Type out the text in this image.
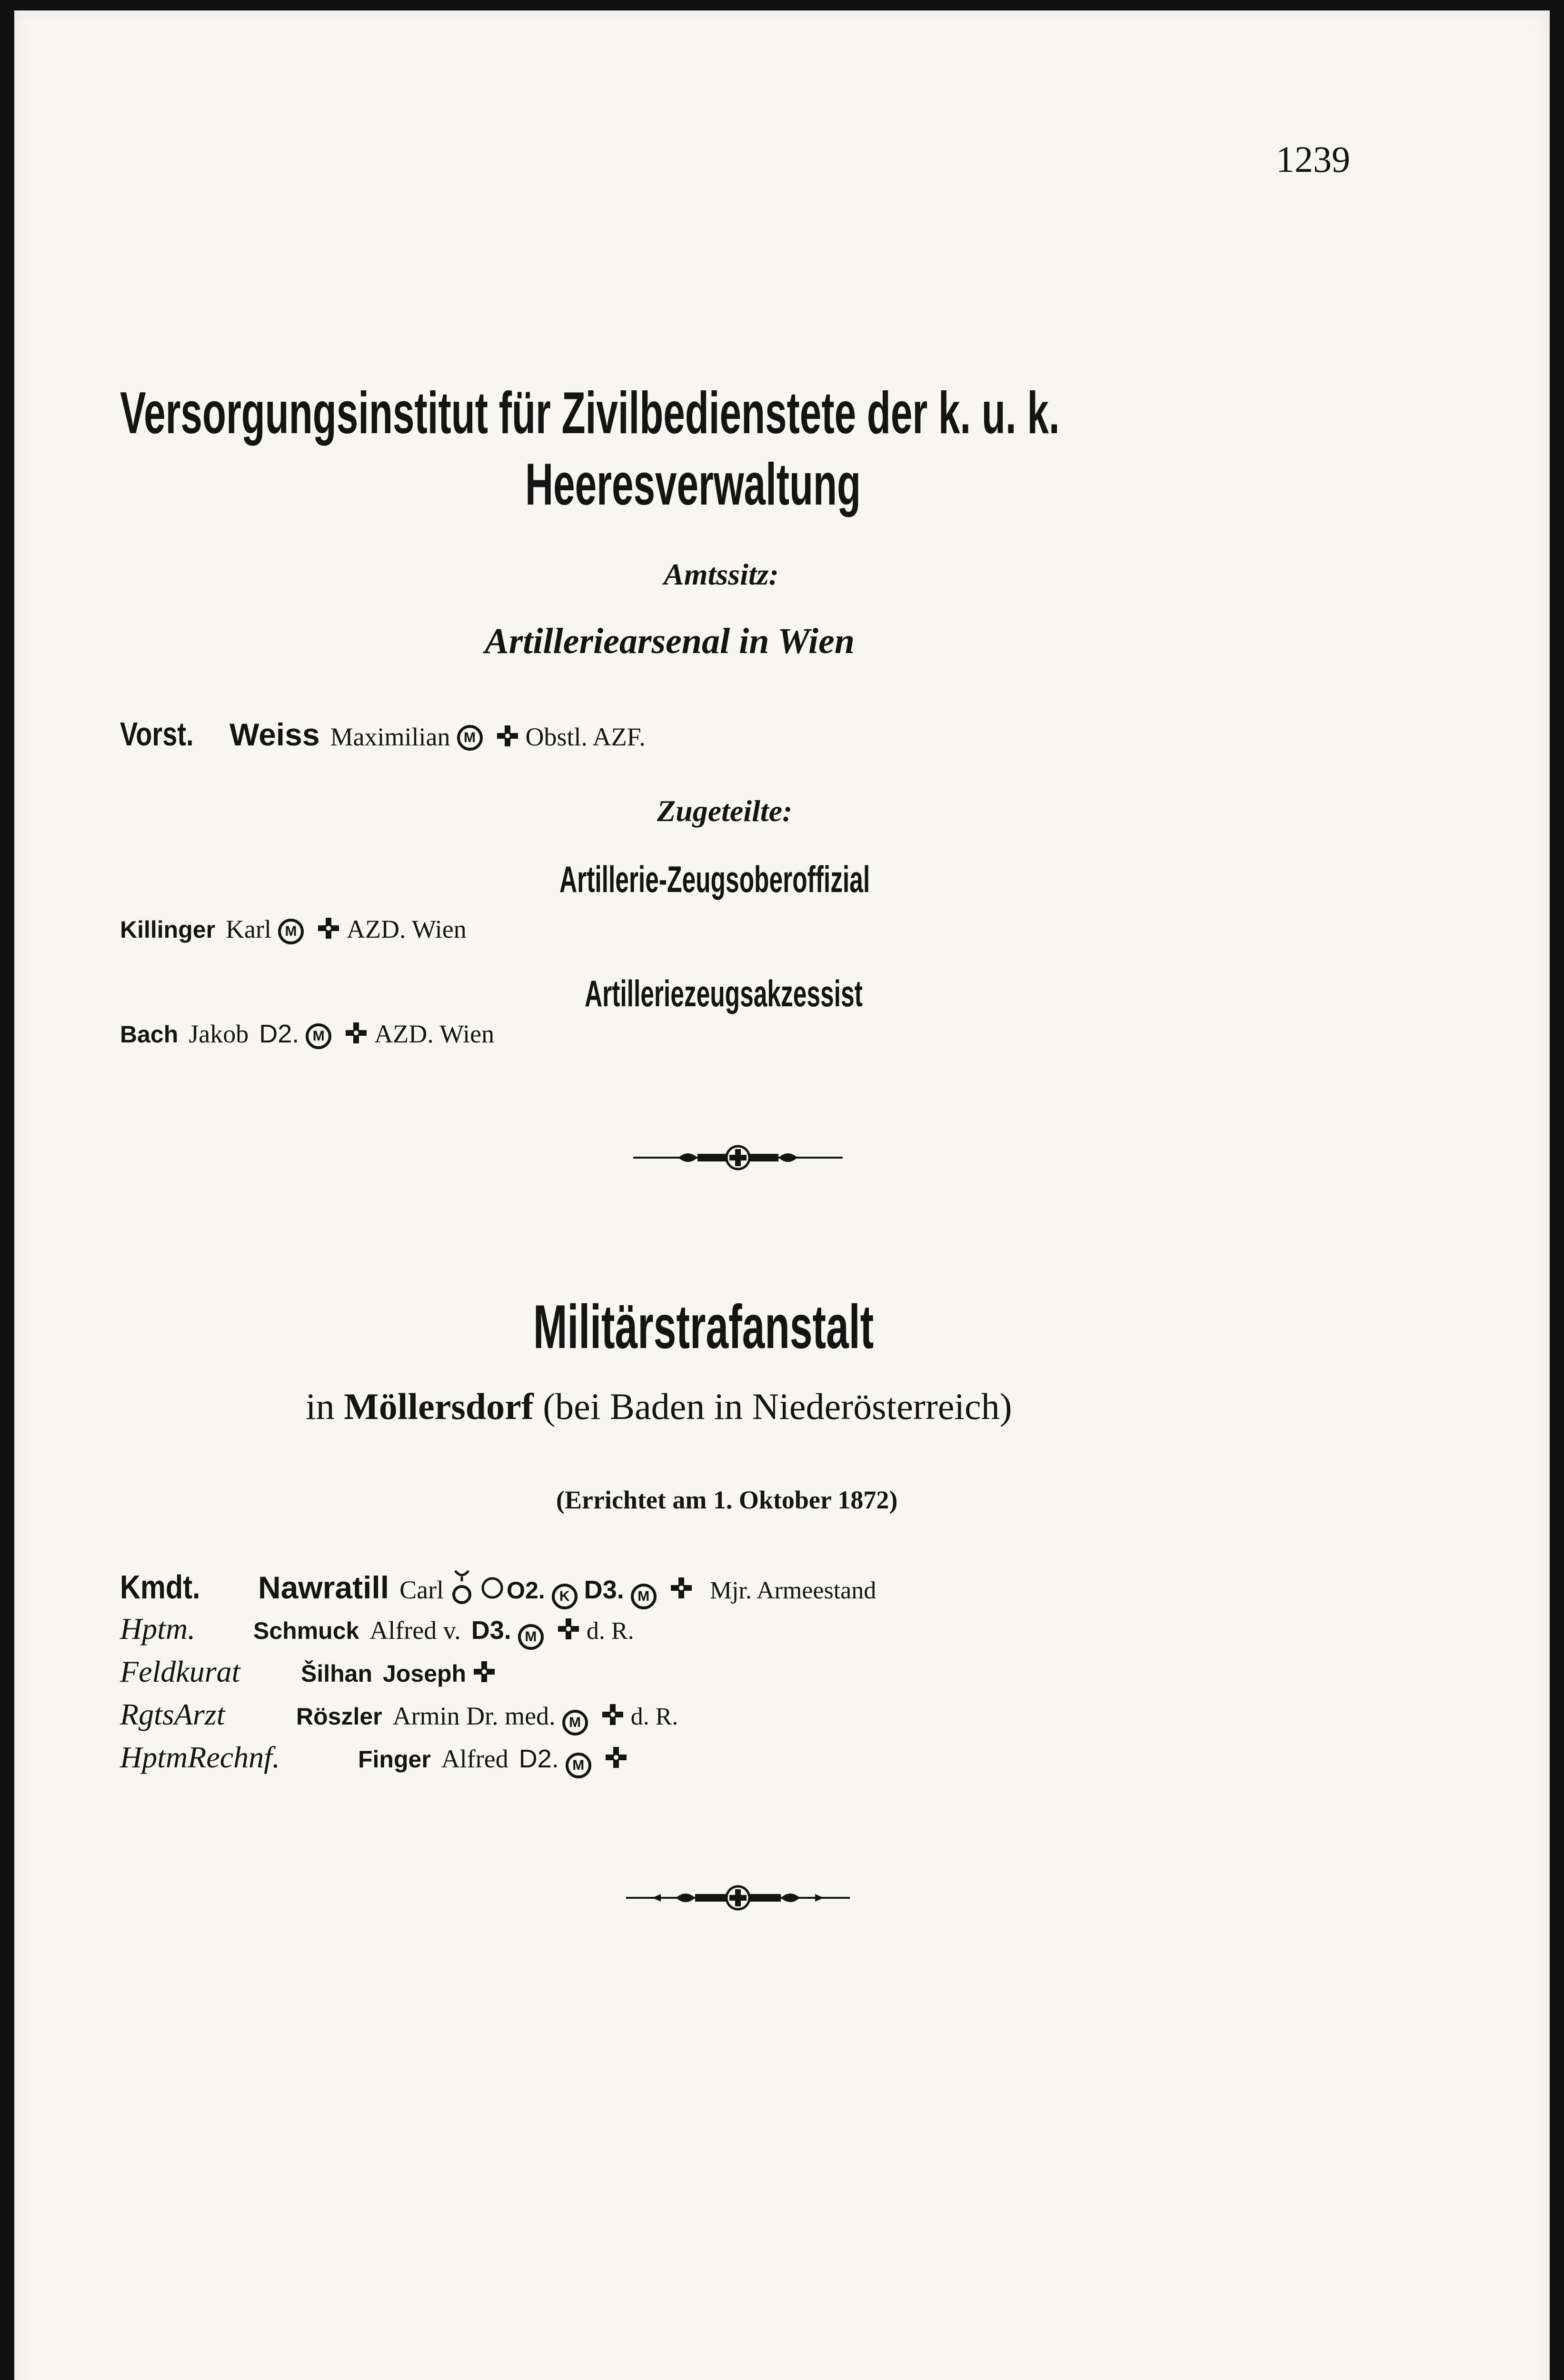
1239
Versorgungsinstitut für Zivilbedienstete der k. u. k.
Heeresverwaltung
Amtssitz:
Artilleriearsenal in Wien
Vorst. Weiss Maximilian M Obstl. AZF.
Zugeteilte:
Artillerie-Zeugsoberoffizial
Killinger Karl M AZD. Wien
Artilleriezeugsakzessist
Bach Jakob D2. M AZD. Wien
Militärstrafanstalt
in Möllersdorf (bei Baden in Niederösterreich)
(Errichtet am 1. Oktober 1872)
Kmdt. Nawratill Carl	O2. K D3. M Mjr. Armeestand
Hptm. Schmuck Alfred v. D3. M d. R.
Feldkurat	Šilhan Joseph
RgtsArzt	Röszler Armin Dr. med. M d. R.
HptmRechnf.	Finger Alfred D2. M
